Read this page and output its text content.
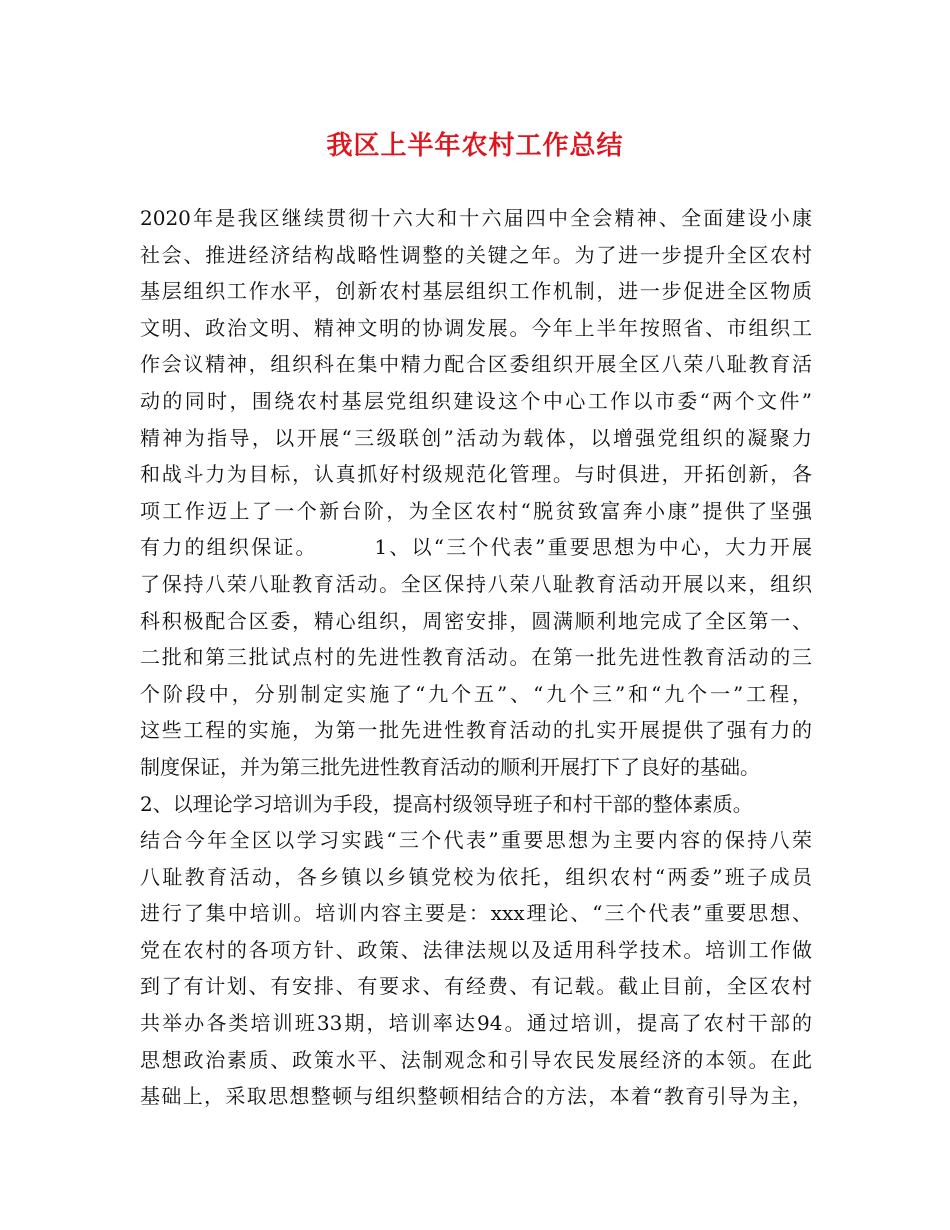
我区上半年农村工作总结
2020年是我区继续贯彻十六大和十六届四中全会精神、全面建设小康
社会、推进经济结构战略性调整的关键之年。为了进一步提升全区农村
基层组织工作水平，创新农村基层组织工作机制，进一步促进全区物质
文明、政治文明、精神文明的协调发展。今年上半年按照省、市组织工
作会议精神，组织科在集中精力配合区委组织开展全区八荣八耻教育活
动的同时，围绕农村基层党组织建设这个中心工作以市委“两个文件”
精神为指导，以开展“三级联创”活动为载体，以增强党组织的凝聚力
和战斗力为目标，认真抓好村级规范化管理。与时俱进，开拓创新，各
项工作迈上了一个新台阶，为全区农村“脱贫致富奔小康”提供了坚强
有力的组织保证。　　　1、以“三个代表”重要思想为中心，大力开展
了保持八荣八耻教育活动。全区保持八荣八耻教育活动开展以来，组织
科积极配合区委，精心组织，周密安排，圆满顺利地完成了全区第一、
二批和第三批试点村的先进性教育活动。在第一批先进性教育活动的三
个阶段中，分别制定实施了“九个五”、“九个三”和“九个一”工程，
这些工程的实施，为第一批先进性教育活动的扎实开展提供了强有力的
制度保证，并为第三批先进性教育活动的顺利开展打下了良好的基础。
2、以理论学习培训为手段，提高村级领导班子和村干部的整体素质。
结合今年全区以学习实践“三个代表”重要思想为主要内容的保持八荣
八耻教育活动，各乡镇以乡镇党校为依托，组织农村“两委”班子成员
进行了集中培训。培训内容主要是：xxx理论、“三个代表”重要思想、
党在农村的各项方针、政策、法律法规以及适用科学技术。培训工作做
到了有计划、有安排、有要求、有经费、有记载。截止目前，全区农村
共举办各类培训班33期，培训率达94。通过培训，提高了农村干部的
思想政治素质、政策水平、法制观念和引导农民发展经济的本领。在此
基础上，采取思想整顿与组织整顿相结合的方法，本着“教育引导为主，
